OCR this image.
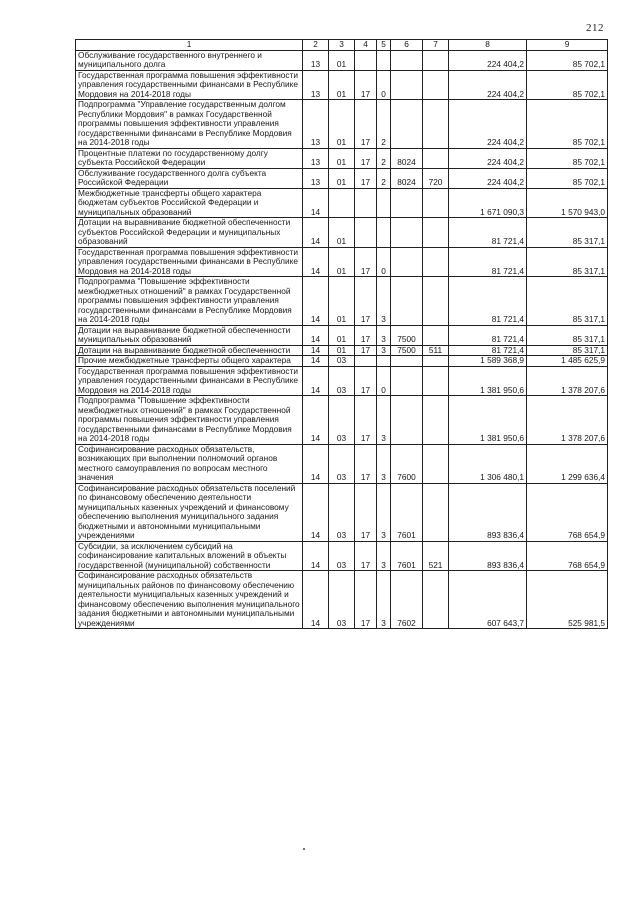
212
1	2	3	4	5	6	7	8	9
Обслуживание государственного внутреннего и муниципального долга	13	01					224 404,2	85 702,1
Государственная программа повышения эффективности управления государственными финансами в Республике Мордовия на 2014-2018 годы	13	01	17	0			224 404,2	85 702,1
Подпрограмма "Управление государственным долгом Республики Мордовия" в рамках Государственной программы повышения эффективности управления государственными финансами в Республике Мордовия на 2014-2018 годы	13	01	17	2			224 404,2	85 702,1
Процентные платежи по государственному долгу субъекта Российской Федерации	13	01	17	2	8024		224 404,2	85 702,1
Обслуживание государственного долга субъекта Российской Федерации	13	01	17	2	8024	720	224 404,2	85 702,1
Межбюджетные трансферты общего характера бюджетам субъектов Российской Федерации и муниципальных образований	14						1 671 090,3	1 570 943,0
Дотации на выравнивание бюджетной обеспеченности субъектов Российской Федерации и муниципальных образований	14	01					81 721,4	85 317,1
Государственная программа повышения эффективности управления государственными финансами в Республике Мордовия на 2014-2018 годы	14	01	17	0			81 721,4	85 317,1
Подпрограмма "Повышение эффективности межбюджетных отношений" в рамках Государственной программы повышения эффективности управления государственными финансами в Республике Мордовия на 2014-2018 годы	14	01	17	3			81 721,4	85 317,1
Дотации на выравнивание бюджетной обеспеченности муниципальных образований	14	01	17	3	7500		81 721,4	85 317,1
Дотации на выравнивание бюджетной обеспеченности	14	01	17	3	7500	511	81 721,4	85 317,1
Прочие межбюджетные трансферты общего характера	14	03					1 589 368,9	1 485 625,9
Государственная программа повышения эффективности управления государственными финансами в Республике Мордовия на 2014-2018 годы	14	03	17	0			1 381 950,6	1 378 207,6
Подпрограмма "Повышение эффективности межбюджетных отношений" в рамках Государственной программы повышения эффективности управления государственными финансами в Республике Мордовия на 2014-2018 годы	14	03	17	3			1 381 950,6	1 378 207,6
Софинансирование расходных обязательств, возникающих при выполнении полномочий органов местного самоуправления по вопросам местного значения	14	03	17	3	7600		1 306 480,1	1 299 636,4
Софинансирование расходных обязательств поселений по финансовому обеспечению деятельности муниципальных казенных учреждений и финансовому обеспечению выполнения муниципального задания бюджетными и автономными муниципальными учреждениями	14	03	17	3	7601		893 836,4	768 654,9
Субсидии, за исключением субсидий на софинансирование капитальных вложений в объекты государственной (муниципальной) собственности	14	03	17	3	7601	521	893 836,4	768 654,9
Софинансирование расходных обязательств муниципальных районов по финансовому обеспечению деятельности муниципальных казенных учреждений и финансовому обеспечению выполнения муниципального задания бюджетными и автономными муниципальными учреждениями	14	03	17	3	7602		607 643,7	525 981,5
